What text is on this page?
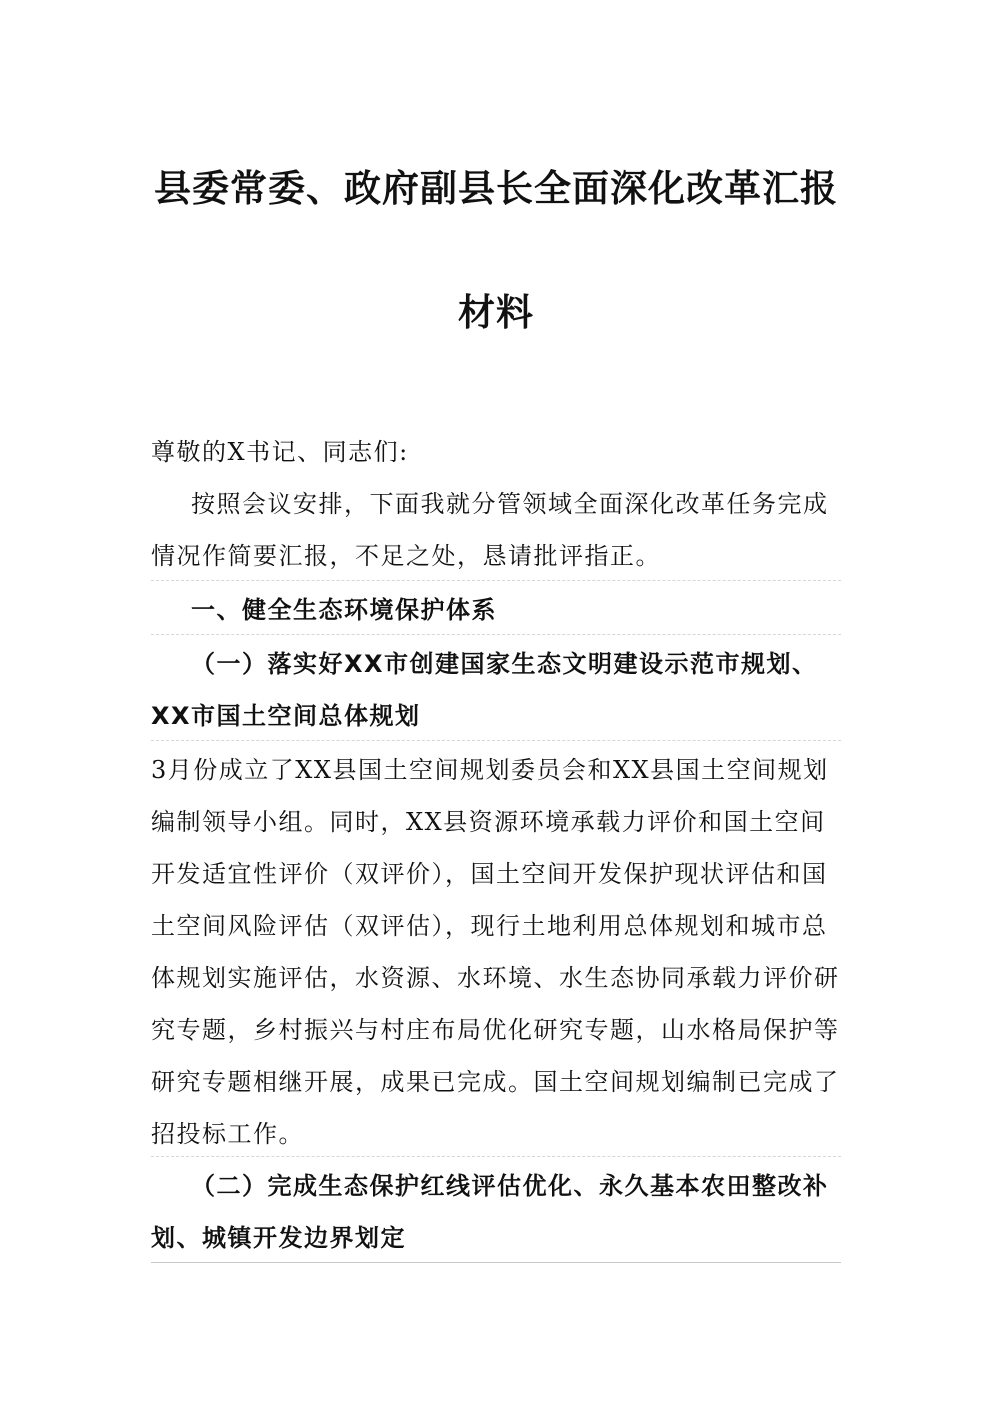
县委常委、政府副县长全面深化改革汇报
材料

尊敬的X书记、同志们:

按照会议安排，下面我就分管领域全面深化改革任务完成情况作简要汇报，不足之处，恳请批评指正。

一、健全生态环境保护体系

（一）落实好XX市创建国家生态文明建设示范市规划、XX市国土空间总体规划

3月份成立了XX县国土空间规划委员会和XX县国土空间规划编制领导小组。同时，XX县资源环境承载力评价和国土空间开发适宜性评价（双评价），国土空间开发保护现状评估和国土空间风险评估（双评估），现行土地利用总体规划和城市总体规划实施评估，水资源、水环境、水生态协同承载力评价研究专题，乡村振兴与村庄布局优化研究专题，山水格局保护等研究专题相继开展，成果已完成。国土空间规划编制已完成了招投标工作。

（二）完成生态保护红线评估优化、永久基本农田整改补划、城镇开发边界划定
